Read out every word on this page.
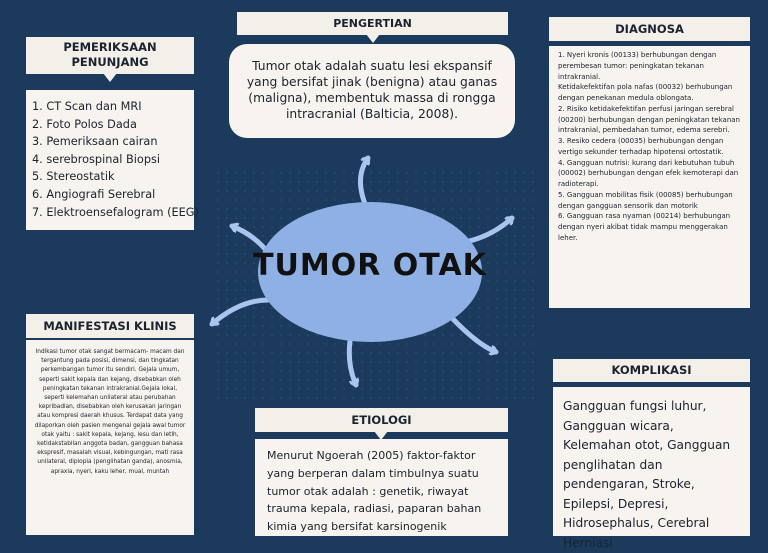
TUMOR OTAK
PENGERTIAN
Tumor otak adalah suatu lesi ekspansif yang bersifat jinak (benigna) atau ganas (maligna), membentuk massa di rongga intracranial (Balticia, 2008).
PEMERIKSAAN PENUNJANG
1. CT Scan dan MRI
2. Foto Polos Dada
3. Pemeriksaan cairan
4. serebrospinal Biopsi
5. Stereostatik
6. Angiografi Serebral
7. Elektroensefalogram (EEG)
DIAGNOSA

1. Nyeri kronis (00133) berhubungan dengan perembesan tumor: peningkatan tekanan intrakranial.

Ketidakefektifan pola nafas (00032) berhubungan dengan penekanan medula oblongata.

2. Risiko ketidakefektifan perfusi jaringan serebral (00200) berhubungan dengan peningkatan tekanan intrakranial, pembedahan tumor, edema serebri.

3. Resiko cedera (00035) berhubungan dengan vertigo sekunder terhadap hipotensi ortostatik.

4. Gangguan nutrisi: kurang dari kebutuhan tubuh (00002) berhubungan dengan efek kemoterapi dan radioterapi.

5. Gangguan mobilitas fisik (00085) berhubungan dengan gangguan sensorik dan motorik

6. Gangguan rasa nyaman (00214) berhubungan dengan nyeri akibat tidak mampu menggerakan leher.

MANIFESTASI KLINIS
Indikasi tumor otak sangat bermacam- macam dan tergantung pada posisi, dimensi, dan tingkatan perkembangan tumor itu sendiri. Gejala umum, seperti sakit kepala dan kejang, disebabkan oleh peningkatan tekanan intrakranial.Gejala lokal, seperti kelemahan unilateral atau perubahan kepribadian, disebabkan oleh kerusakan jaringan atau kompresi daerah khusus. Terdapat data yang dilaporkan oleh pasien mengenai gejala awal tumor otak yaitu : sakit kepala, kejang, lesu dan letih, ketidakstabilan anggota badan, gangguan bahasa ekspresif, masalah visual, kebingungan, mati rasa unilateral, diplopia (penglihatan ganda), anosmia, apraxia, nyeri, kaku leher, mual, muntah
ETIOLOGI
Menurut Ngoerah (2005) faktor-faktor yang berperan dalam timbulnya suatu tumor otak adalah : genetik, riwayat trauma kepala, radiasi, paparan bahan kimia yang bersifat karsinogenik
KOMPLIKASI
Gangguan fungsi luhur, Gangguan wicara, Kelemahan otot, Gangguan penglihatan dan pendengaran, Stroke, Epilepsi, Depresi, Hidrosephalus, Cerebral Herniasi
